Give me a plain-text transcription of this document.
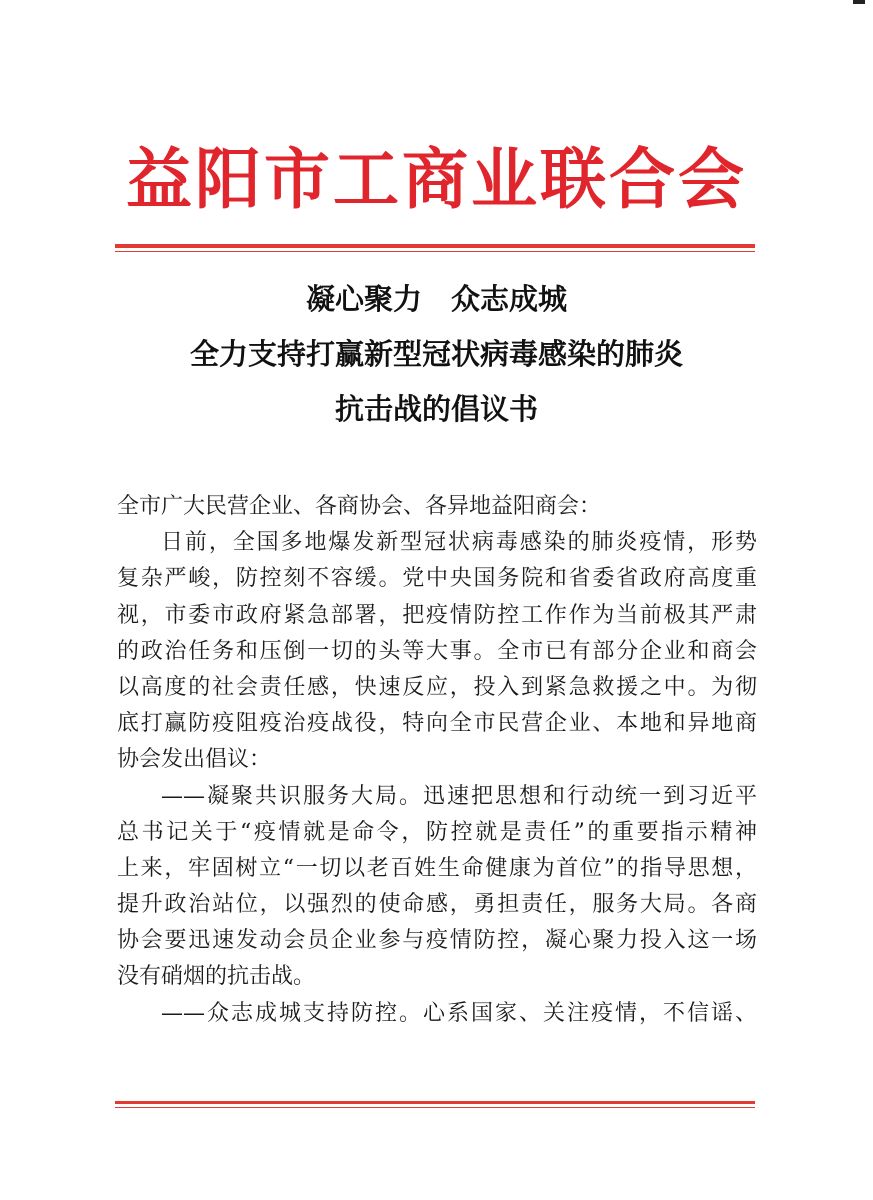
益阳市工商业联合会
凝心聚力　众志成城
全力支持打赢新型冠状病毒感染的肺炎
抗击战的倡议书
全市广大民营企业、各商协会、各异地益阳商会：
日前，全国多地爆发新型冠状病毒感染的肺炎疫情，形势
复杂严峻，防控刻不容缓。党中央国务院和省委省政府高度重
视，市委市政府紧急部署，把疫情防控工作作为当前极其严肃
的政治任务和压倒一切的头等大事。全市已有部分企业和商会
以高度的社会责任感，快速反应，投入到紧急救援之中。为彻
底打赢防疫阻疫治疫战役，特向全市民营企业、本地和异地商
协会发出倡议：
——凝聚共识服务大局。迅速把思想和行动统一到习近平
总书记关于“疫情就是命令，防控就是责任”的重要指示精神
上来，牢固树立“一切以老百姓生命健康为首位”的指导思想，
提升政治站位，以强烈的使命感，勇担责任，服务大局。各商
协会要迅速发动会员企业参与疫情防控，凝心聚力投入这一场
没有硝烟的抗击战。
——众志成城支持防控。心系国家、关注疫情，不信谣、
